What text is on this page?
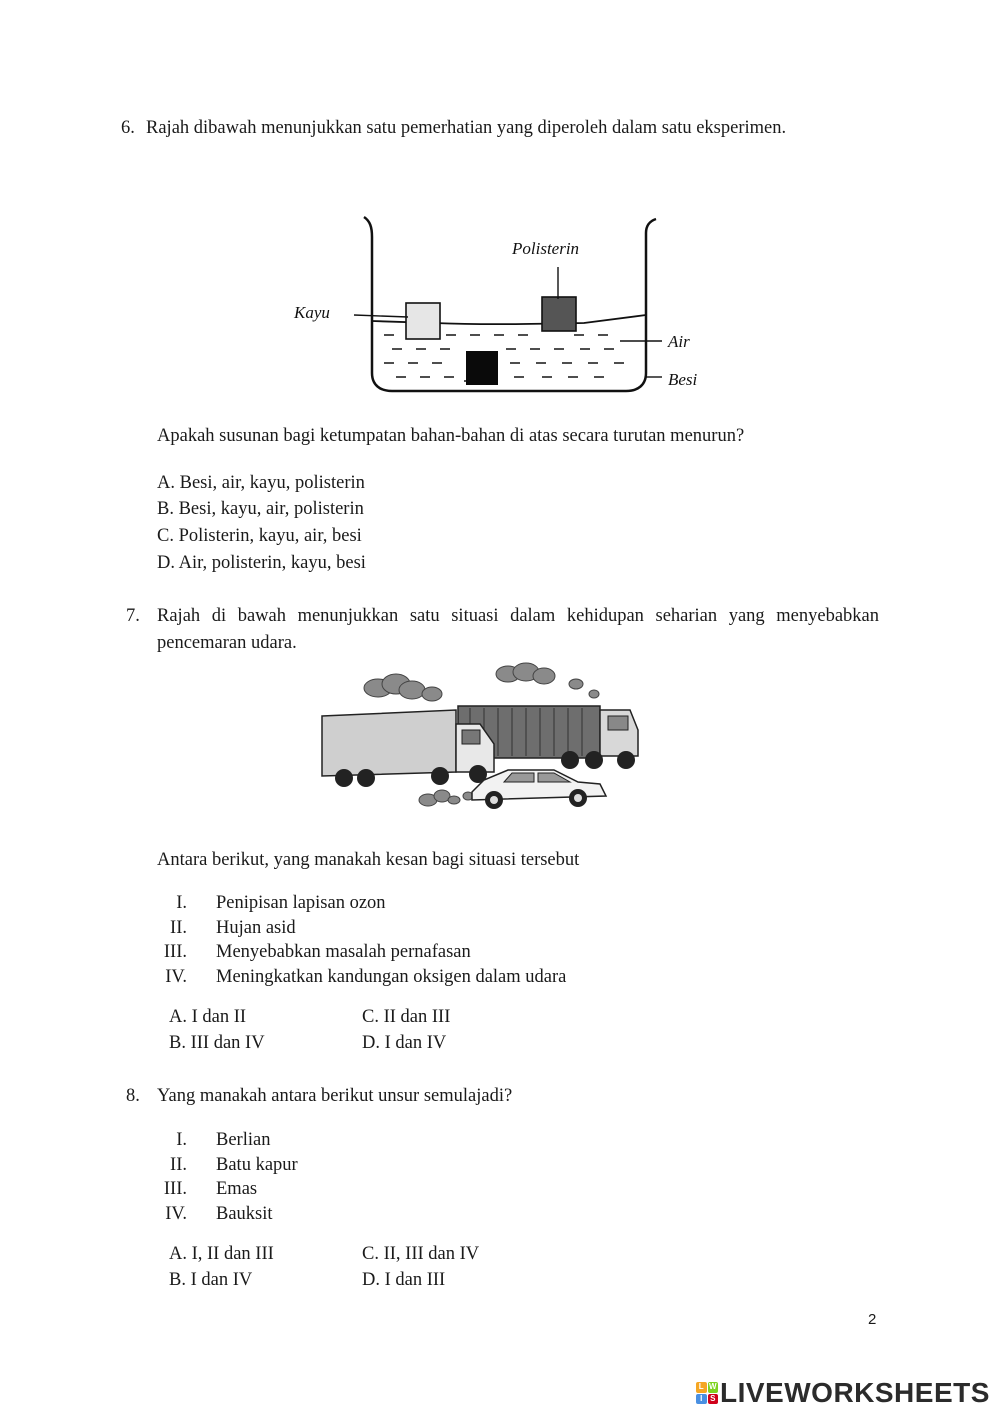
6. Rajah dibawah menunjukkan satu pemerhatian yang diperoleh dalam satu eksperimen.
Kayu
Polisterin
Air
Besi
Apakah susunan bagi ketumpatan bahan-bahan di atas secara turutan menurun?
A. Besi, air, kayu, polisterin
B. Besi, kayu, air, polisterin
C. Polisterin, kayu, air, besi
D. Air, polisterin, kayu, besi
7. Rajah di bawah menunjukkan satu situasi dalam kehidupan seharian yang menyebabkan
pencemaran udara.
Antara berikut, yang manakah kesan bagi situasi tersebut
I. Penipisan lapisan ozon
II. Hujan asid
III. Menyebabkan masalah pernafasan
IV. Meningkatkan kandungan oksigen dalam udara
A. I dan II	C. II dan III
B. III dan IV	D. I dan IV
8. Yang manakah antara berikut unsur semulajadi?
I. Berlian
II. Batu kapur
III. Emas
IV. Bauksit
A. I, II dan III	C. II, III dan IV
B. I dan IV	D. I dan III
2
L W
I S LIVEWORKSHEETS
